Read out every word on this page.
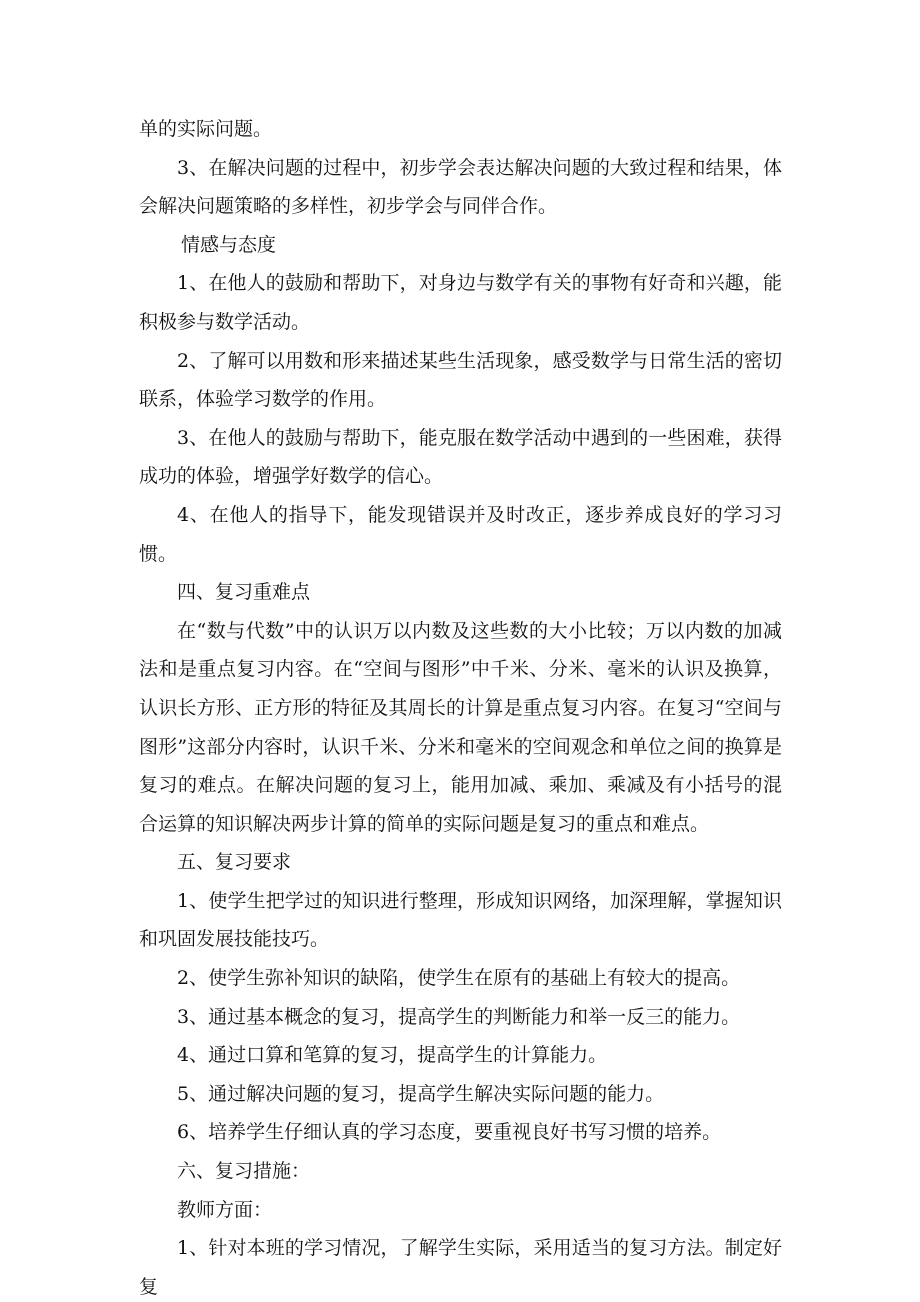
单的实际问题。

3、在解决问题的过程中，初步学会表达解决问题的大致过程和结果，体会解决问题策略的多样性，初步学会与同伴合作。

情感与态度

1、在他人的鼓励和帮助下，对身边与数学有关的事物有好奇和兴趣，能积极参与数学活动。

2、了解可以用数和形来描述某些生活现象，感受数学与日常生活的密切联系，体验学习数学的作用。

3、在他人的鼓励与帮助下，能克服在数学活动中遇到的一些困难，获得成功的体验，增强学好数学的信心。

4、在他人的指导下，能发现错误并及时改正，逐步养成良好的学习习惯。

四、复习重难点

在“数与代数”中的认识万以内数及这些数的大小比较；万以内数的加减法和是重点复习内容。在“空间与图形”中千米、分米、毫米的认识及换算，认识长方形、正方形的特征及其周长的计算是重点复习内容。在复习“空间与图形”这部分内容时，认识千米、分米和毫米的空间观念和单位之间的换算是复习的难点。在解决问题的复习上，能用加减、乘加、乘减及有小括号的混合运算的知识解决两步计算的简单的实际问题是复习的重点和难点。

五、复习要求

1、使学生把学过的知识进行整理，形成知识网络，加深理解，掌握知识和巩固发展技能技巧。

2、使学生弥补知识的缺陷，使学生在原有的基础上有较大的提高。

3、通过基本概念的复习，提高学生的判断能力和举一反三的能力。

4、通过口算和笔算的复习，提高学生的计算能力。

5、通过解决问题的复习，提高学生解决实际问题的能力。

6、培养学生仔细认真的学习态度，要重视良好书写习惯的培养。

六、复习措施：

教师方面：

1、针对本班的学习情况，了解学生实际，采用适当的复习方法。制定好复
